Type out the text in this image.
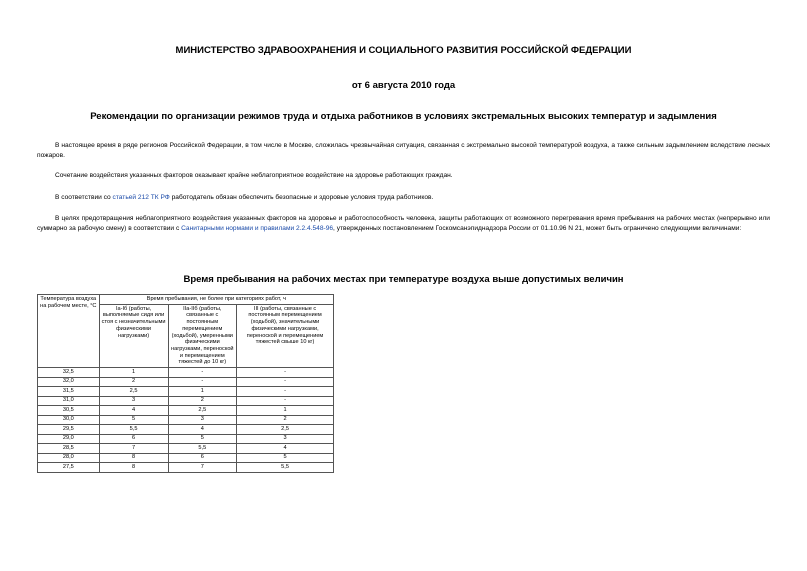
МИНИСТЕРСТВО ЗДРАВООХРАНЕНИЯ И СОЦИАЛЬНОГО РАЗВИТИЯ РОССИЙСКОЙ ФЕДЕРАЦИИ
от 6 августа 2010 года
Рекомендации по организации режимов труда и отдыха работников в условиях экстремальных высоких температур и задымления
В настоящее время в ряде регионов Российской Федерации, в том числе в Москве, сложилась чрезвычайная ситуация, связанная с экстремально высокой температурой воздуха, а также сильным задымлением вследствие лесных пожаров.
Сочетание воздействия указанных факторов оказывает крайне неблагоприятное воздействие на здоровье работающих граждан.
В соответствии со статьей 212 ТК РФ работодатель обязан обеспечить безопасные и здоровые условия труда работников.
В целях предотвращения неблагоприятного воздействия указанных факторов на здоровье и работоспособность человека, защиты работающих от возможного перегревания время пребывания на рабочих местах (непрерывно или суммарно за рабочую смену) в соответствии с Санитарными нормами и правилами 2.2.4.548-96, утвержденных постановлением Госкомсанэпиднадзора России от 01.10.96 N 21, может быть ограничено следующими величинами:
Время пребывания на рабочих местах при температуре воздуха выше допустимых величин
Температура воздуха на рабочем месте, °С	Время пребывания, не более при категориях работ, ч		
	Iа-Iб (работы, выполняемые сидя или стоя с незначительными физическими нагрузками)	IIа-IIб (работы, связанные с постоянным перемещением (ходьбой), умеренными физическими нагрузками, переноской и перемещением тяжестей до 10 кг)	III (работы, связанные с постоянным перемещением (ходьбой), значительными физическими нагрузками, переноской и перемещением тяжестей свыше 10 кг)
32,5	1	-	-
32,0	2	-	-
31,5	2,5	1	-
31,0	3	2	-
30,5	4	2,5	1
30,0	5	3	2
29,5	5,5	4	2,5
29,0	6	5	3
28,5	7	5,5	4
28,0	8	6	5
27,5	8	7	5,5
